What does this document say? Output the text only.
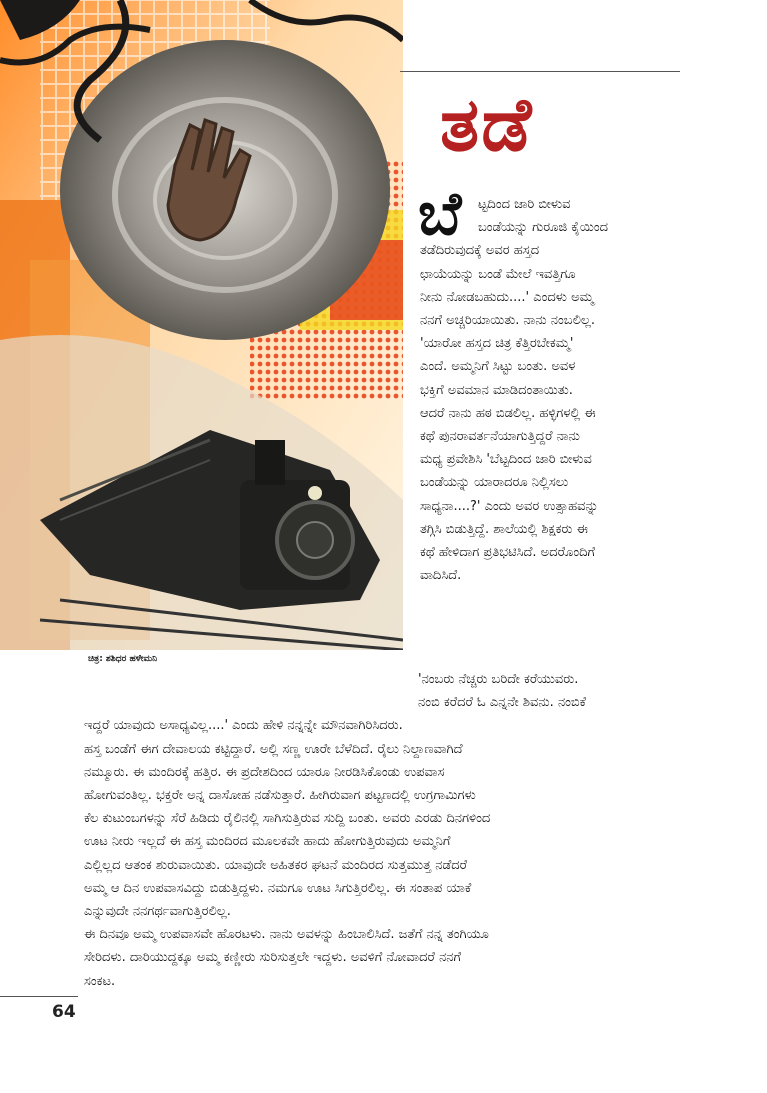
ಚಿತ್ರ: ಶಶಿಧರ ಹಳೇಮನಿ
ತಡೆ
ಬೆ	ಟ್ಟದಿಂದ ಜಾರಿ ಬೀಳುವ
ಬಂಡೆಯನ್ನು ಗುರೂಜಿ ಕೈಯಿಂದ
ತಡೆದಿರುವುದಕ್ಕೆ ಅವರ ಹಸ್ತದ
ಛಾಯೆಯನ್ನು ಬಂಡೆ ಮೇಲೆ ಇವತ್ತಿಗೂ
ನೀನು ನೋಡಬಹುದು....' ಎಂದಳು ಅಮ್ಮ
ನನಗೆ ಅಚ್ಚರಿಯಾಯಿತು. ನಾನು ನಂಬಲಿಲ್ಲ.
'ಯಾರೋ ಹಸ್ತದ ಚಿತ್ರ ಕೆತ್ತಿರಬೇಕಮ್ಮ'
ಎಂದೆ. ಅಮ್ಮನಿಗೆ ಸಿಟ್ಟು ಬಂತು. ಅವಳ
ಭಕ್ತಿಗೆ ಅವಮಾನ ಮಾಡಿದಂತಾಯಿತು.
ಆದರೆ ನಾನು ಹಠ ಬಿಡಲಿಲ್ಲ. ಹಳ್ಳಿಗಳಲ್ಲಿ ಈ
ಕಥೆ ಪುನರಾವರ್ತನೆಯಾಗುತ್ತಿದ್ದರೆ ನಾನು
ಮಧ್ಯ ಪ್ರವೇಶಿಸಿ 'ಬೆಟ್ಟದಿಂದ ಜಾರಿ ಬೀಳುವ
ಬಂಡೆಯನ್ನು ಯಾರಾದರೂ ನಿಲ್ಲಿಸಲು
ಸಾಧ್ಯನಾ....?' ಎಂದು ಅವರ ಉತ್ಸಾಹವನ್ನು
ತಗ್ಗಿಸಿ ಬಿಡುತ್ತಿದ್ದೆ. ಶಾಲೆಯಲ್ಲಿ ಶಿಕ್ಷಕರು ಈ
ಕಥೆ ಹೇಳಿದಾಗ ಪ್ರತಿಭಟಿಸಿದೆ. ಅದರೊಂದಿಗೆ
ವಾದಿಸಿದೆ.
'ನಂಬರು ನೆಚ್ಚರು ಬರಿದೇ ಕರೆಯುವರು.
ನಂಬಿ ಕರೆದರೆ ಓ ಎನ್ನನೇ ಶಿವನು. ನಂಬಿಕೆ
ಇದ್ದರೆ ಯಾವುದು ಅಸಾಧ್ಯವಿಲ್ಲ....' ಎಂದು ಹೇಳಿ ನನ್ನನ್ನೇ ಮೌನವಾಗಿರಿಸಿದರು.
ಹಸ್ತ ಬಂಡೆಗೆ ಈಗ ದೇವಾಲಯ ಕಟ್ಟಿದ್ದಾರೆ. ಅಲ್ಲಿ ಸಣ್ಣ ಊರೇ ಬೆಳೆದಿದೆ. ರೈಲು ನಿಲ್ದಾಣವಾಗಿದೆ
ನಮ್ಮೂರು. ಈ ಮಂದಿರಕ್ಕೆ ಹತ್ತಿರ. ಈ ಪ್ರದೇಶದಿಂದ ಯಾರೂ ನೀರಡಿಸಿಕೊಂಡು ಉಪವಾಸ
ಹೋಗುವಂತಿಲ್ಲ. ಭಕ್ತರೇ ಅನ್ನ ದಾಸೋಹ ನಡೆಸುತ್ತಾರೆ. ಹೀಗಿರುವಾಗ ಪಟ್ಟಣದಲ್ಲಿ ಉಗ್ರಗಾಮಿಗಳು
ಕೆಲ ಕುಟುಂಬಗಳನ್ನು ಸೆರೆ ಹಿಡಿದು ರೈಲಿನಲ್ಲಿ ಸಾಗಿಸುತ್ತಿರುವ ಸುದ್ದಿ ಬಂತು. ಅವರು ಎರಡು ದಿನಗಳಿಂದ
ಊಟ ನೀರು ಇಲ್ಲದೆ ಈ ಹಸ್ತ ಮಂದಿರದ ಮೂಲಕವೇ ಹಾದು ಹೋಗುತ್ತಿರುವುದು ಅಮ್ಮನಿಗೆ
ಎಲ್ಲಿಲ್ಲದ ಆತಂಕ ಶುರುವಾಯಿತು. ಯಾವುದೇ ಅಹಿತಕರ ಘಟನೆ ಮಂದಿರದ ಸುತ್ತಮುತ್ತ ನಡೆದರೆ
ಅಮ್ಮ ಆ ದಿನ ಉಪವಾಸವಿದ್ದು ಬಿಡುತ್ತಿದ್ದಳು. ನಮಗೂ ಊಟ ಸಿಗುತ್ತಿರಲಿಲ್ಲ. ಈ ಸಂತಾಪ ಯಾಕೆ
ಎನ್ನುವುದೇ ನನಗರ್ಥವಾಗುತ್ತಿರಲಿಲ್ಲ.
ಈ ದಿನವೂ ಅಮ್ಮ ಉಪವಾಸವೇ ಹೊರಟಳು. ನಾನು ಅವಳನ್ನು ಹಿಂಬಾಲಿಸಿದೆ. ಜತೆಗೆ ನನ್ನ ತಂಗಿಯೂ
ಸೇರಿದಳು. ದಾರಿಯುದ್ದಕ್ಕೂ ಅಮ್ಮ ಕಣ್ಣೀರು ಸುರಿಸುತ್ತಲೇ ಇದ್ದಳು. ಅವಳಿಗೆ ನೋವಾದರೆ ನನಗೆ
ಸಂಕಟ.
64
